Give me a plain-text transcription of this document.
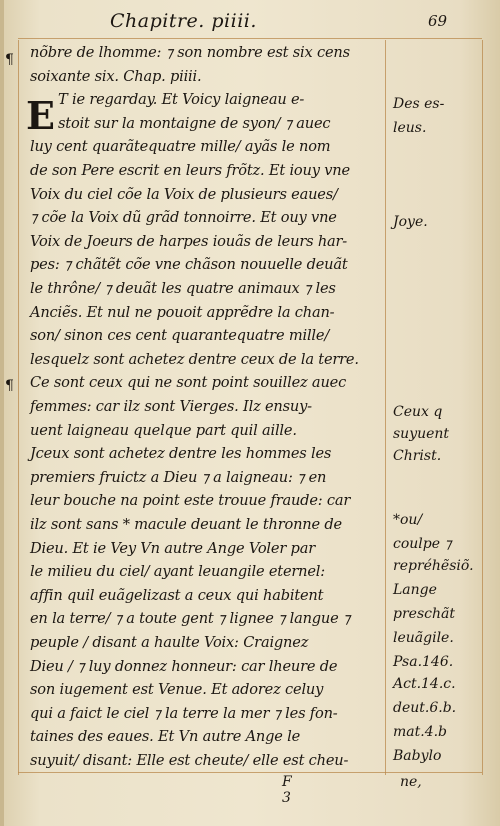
Chapitre. piiii.	69
E
nõbre de lhomme: ⁊ son nombre est six cens
soixante six. Chap. piiii.
T ie regarday. Et Voicy laigneau e-
stoit sur la montaigne de syon/ ⁊ auec
luy cent quarãtequatre mille/ ayãs le nom
de son Pere escrit en leurs frõtz. Et iouy vne
Voix du ciel cõe la Voix de plusieurs eaues/
⁊ cõe la Voix dũ grãd tonnoirre. Et ouy vne
Voix de Joeurs de harpes iouãs de leurs har-
pes: ⁊ chãtẽt cõe vne chãson nouuelle deuãt
le thrône/ ⁊ deuãt les quatre animaux ⁊ les
Anciẽs. Et nul ne pouoit apprẽdre la chan-
son/ sinon ces cent quarantequatre mille/
lesquelz sont achetez dentre ceux de la terre.
Ce sont ceux qui ne sont point souillez auec
femmes: car ilz sont Vierges. Ilz ensuy-
uent laigneau quelque part quil aille.
Jceux sont achetez dentre les hommes les
premiers fruictz a Dieu ⁊ a laigneau: ⁊ en
leur bouche na point este trouue fraude: car
ilz sont sans * macule deuant le thronne de
Dieu. Et ie Vey Vn autre Ange Voler par
le milieu du ciel/ ayant leuangile eternel:
affin quil euãgelizast a ceux qui habitent
en la terre/ ⁊ a toute gent ⁊ lignee ⁊ langue ⁊
peuple / disant a haulte Voix: Craignez
Dieu / ⁊ luy donnez honneur: car lheure de
son iugement est Venue. Et adorez celuy
qui a faict le ciel ⁊ la terre la mer ⁊ les fon-
taines des eaues. Et Vn autre Ange le
suyuit/ disant: Elle est cheute/ elle est cheu-
¶
¶
Des es-
leus.
Joye.
Ceux q
suyuent
Christ.
*ou/
coulpe ⁊
repréhẽsiõ.
Lange
preschãt
leuãgile.
Psa.146.
Act.14.c.
deut.6.b.
mat.4.b
Babylo
F 3
ne,
